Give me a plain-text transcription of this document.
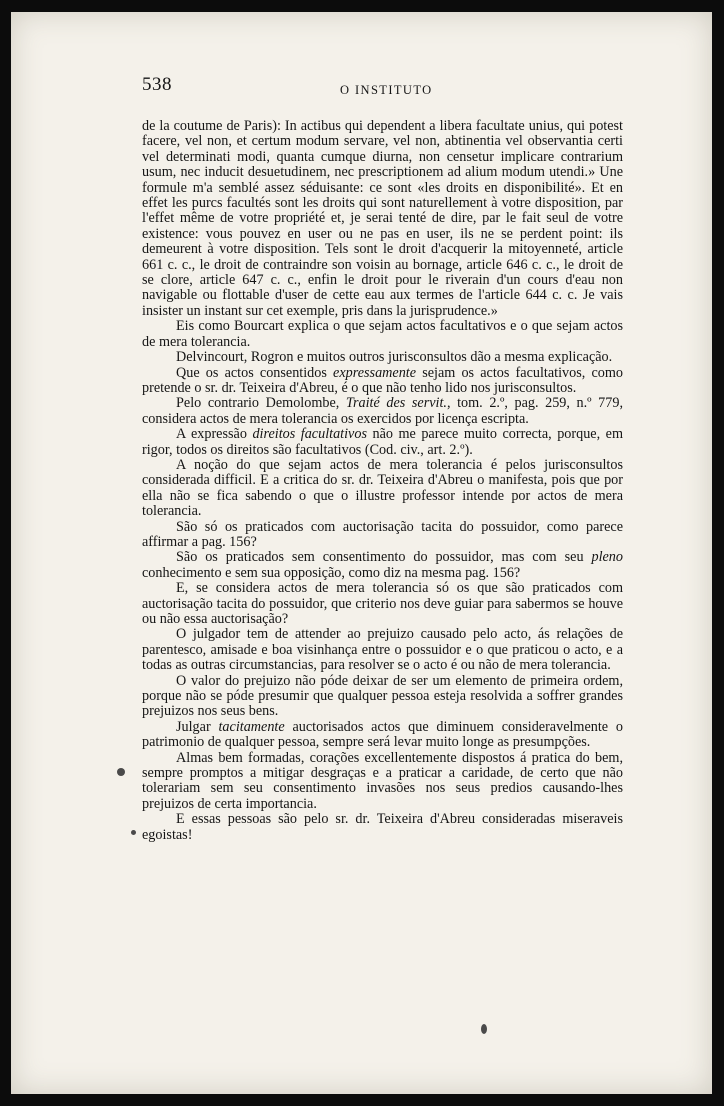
538	O INSTITUTO

de la coutume de Paris): In actibus qui dependent a libera facultate unius, qui potest facere, vel non, et certum modum servare, vel non, abtinentia vel observantia certi vel determinati modi, quanta cumque diurna, non censetur implicare contrarium usum, nec inducit desuetudinem, nec prescriptionem ad alium modum utendi.» Une formule m'a semblé assez séduisante: ce sont «les droits en disponibilité». Et en effet les purcs facultés sont les droits qui sont naturellement à votre disposition, par l'effet même de votre propriété et, je serai tenté de dire, par le fait seul de votre existence: vous pouvez en user ou ne pas en user, ils ne se perdent point: ils demeurent à votre disposition. Tels sont le droit d'acquerir la mitoyenneté, article 661 c. c., le droit de contraindre son voisin au bornage, article 646 c. c., le droit de se clore, article 647 c. c., enfin le droit pour le riverain d'un cours d'eau non navigable ou flottable d'user de cette eau aux termes de l'article 644 c. c. Je vais insister un instant sur cet exemple, pris dans la jurisprudence.»

Eis como Bourcart explica o que sejam actos facultativos e o que sejam actos de mera tolerancia.

Delvincourt, Rogron e muitos outros jurisconsultos dão a mesma explicação.

Que os actos consentidos expressamente sejam os actos facultativos, como pretende o sr. dr. Teixeira d'Abreu, é o que não tenho lido nos jurisconsultos.

Pelo contrario Demolombe, Traité des servit., tom. 2.º, pag. 259, n.º 779, considera actos de mera tolerancia os exercidos por licença escripta.

A expressão direitos facultativos não me parece muito correcta, porque, em rigor, todos os direitos são facultativos (Cod. civ., art. 2.º).

A noção do que sejam actos de mera tolerancia é pelos jurisconsultos considerada difficil. E a critica do sr. dr. Teixeira d'Abreu o manifesta, pois que por ella não se fica sabendo o que o illustre professor intende por actos de mera tolerancia.

São só os praticados com auctorisação tacita do possuidor, como parece affirmar a pag. 156?

São os praticados sem consentimento do possuidor, mas com seu pleno conhecimento e sem sua opposição, como diz na mesma pag. 156?

E, se considera actos de mera tolerancia só os que são praticados com auctorisação tacita do possuidor, que criterio nos deve guiar para sabermos se houve ou não essa auctorisação?

O julgador tem de attender ao prejuizo causado pelo acto, ás relações de parentesco, amisade e boa visinhança entre o possuidor e o que praticou o acto, e a todas as outras circumstancias, para resolver se o acto é ou não de mera tolerancia.

O valor do prejuizo não póde deixar de ser um elemento de primeira ordem, porque não se póde presumir que qualquer pessoa esteja resolvida a soffrer grandes prejuizos nos seus bens.

Julgar tacitamente auctorisados actos que diminuem consideravelmente o patrimonio de qualquer pessoa, sempre será levar muito longe as presumpções.

Almas bem formadas, corações excellentemente dispostos á pratica do bem, sempre promptos a mitigar desgraças e a praticar a caridade, de certo que não tolerariam sem seu consentimento invasões nos seus predios causando-lhes prejuizos de certa importancia.

E essas pessoas são pelo sr. dr. Teixeira d'Abreu consideradas miseraveis egoistas!
